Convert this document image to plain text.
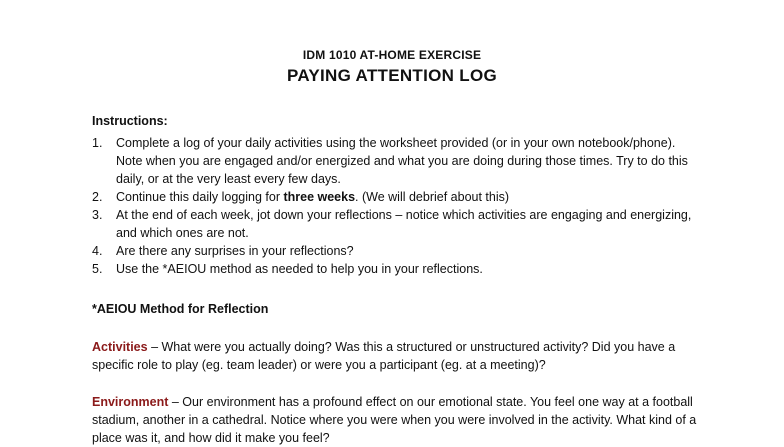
IDM 1010 AT-HOME EXERCISE
PAYING ATTENTION LOG
Instructions:

1. Complete a log of your daily activities using the worksheet provided (or in your own notebook/phone). Note when you are engaged and/or energized and what you are doing during those times. Try to do this daily, or at the very least every few days.

2. Continue this daily logging for three weeks. (We will debrief about this)

3. At the end of each week, jot down your reflections – notice which activities are engaging and energizing, and which ones are not.

4. Are there any surprises in your reflections?

5. Use the *AEIOU method as needed to help you in your reflections.

*AEIOU Method for Reflection
Activities – What were you actually doing? Was this a structured or unstructured activity? Did you have a specific role to play (eg. team leader) or were you a participant (eg. at a meeting)?
Environment – Our environment has a profound effect on our emotional state. You feel one way at a football stadium, another in a cathedral. Notice where you were when you were involved in the activity. What kind of a place was it, and how did it make you feel?
